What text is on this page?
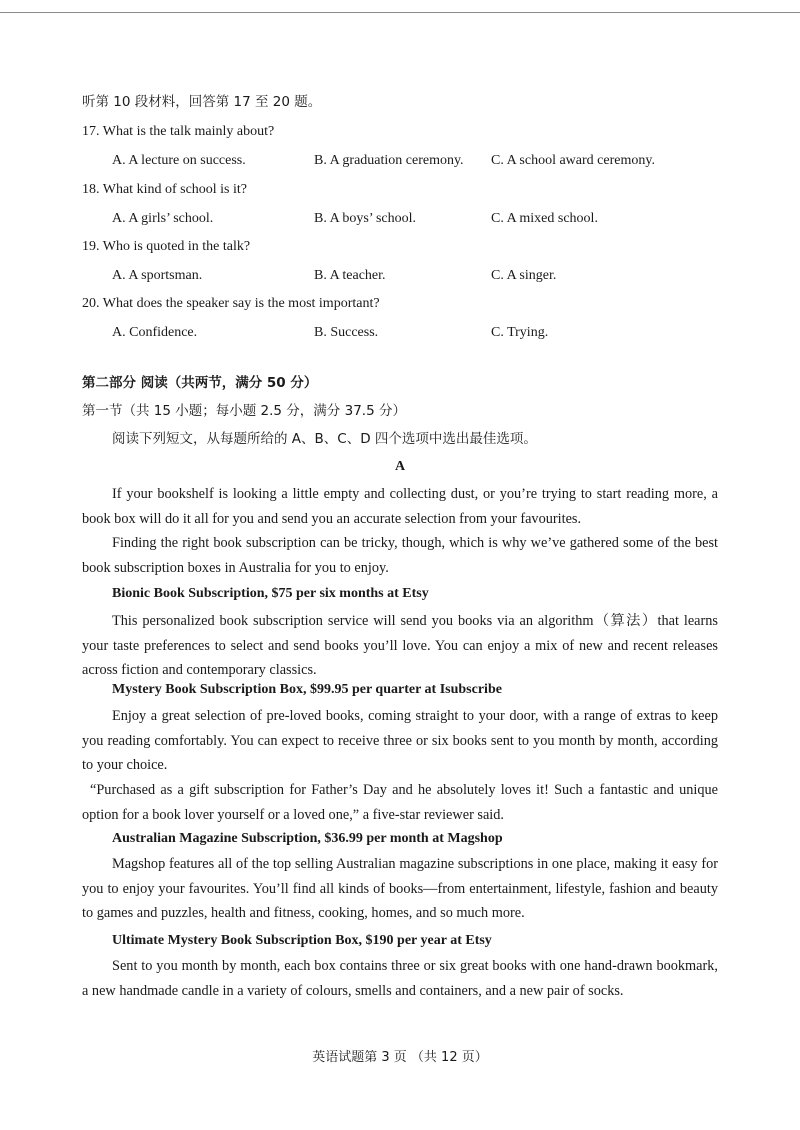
听第 10 段材料，回答第 17 至 20 题。
17. What is the talk mainly about?
A. A lecture on success.	B. A graduation ceremony. C. A school award ceremony.
18. What kind of school is it?
A. A girls’ school.	B. A boys’ school.	C. A mixed school.
19. Who is quoted in the talk?
A. A sportsman.	B. A teacher.	C. A singer.
20. What does the speaker say is the most important?
A. Confidence.	B. Success.	C. Trying.
第二部分 阅读（共两节，满分 50 分）
第一节（共 15 小题；每小题 2.5 分，满分 37.5 分）
阅读下列短文，从每题所给的 A、B、C、D 四个选项中选出最佳选项。
A
If your bookshelf is looking a little empty and collecting dust, or you’re trying to start reading more, a book box will do it all for you and send you an accurate selection from your favourites.
Finding the right book subscription can be tricky, though, which is why we’ve gathered some of the best book subscription boxes in Australia for you to enjoy.
Bionic Book Subscription, $75 per six months at Etsy
This personalized book subscription service will send you books via an algorithm（算法）that learns your taste preferences to select and send books you’ll love. You can enjoy a mix of new and recent releases across fiction and contemporary classics.
Mystery Book Subscription Box, $99.95 per quarter at Isubscribe
Enjoy a great selection of pre-loved books, coming straight to your door, with a range of extras to keep you reading comfortably. You can expect to receive three or six books sent to you month by month, according to your choice.
“Purchased as a gift subscription for Father’s Day and he absolutely loves it! Such a fantastic and unique option for a book lover yourself or a loved one,” a five-star reviewer said.
Australian Magazine Subscription, $36.99 per month at Magshop
Magshop features all of the top selling Australian magazine subscriptions in one place, making it easy for you to enjoy your favourites. You’ll find all kinds of books—from entertainment, lifestyle, fashion and beauty to games and puzzles, health and fitness, cooking, homes, and so much more.
Ultimate Mystery Book Subscription Box, $190 per year at Etsy
Sent to you month by month, each box contains three or six great books with one hand-drawn bookmark, a new handmade candle in a variety of colours, smells and containers, and a new pair of socks.
英语试题第 3 页 （共 12 页）
